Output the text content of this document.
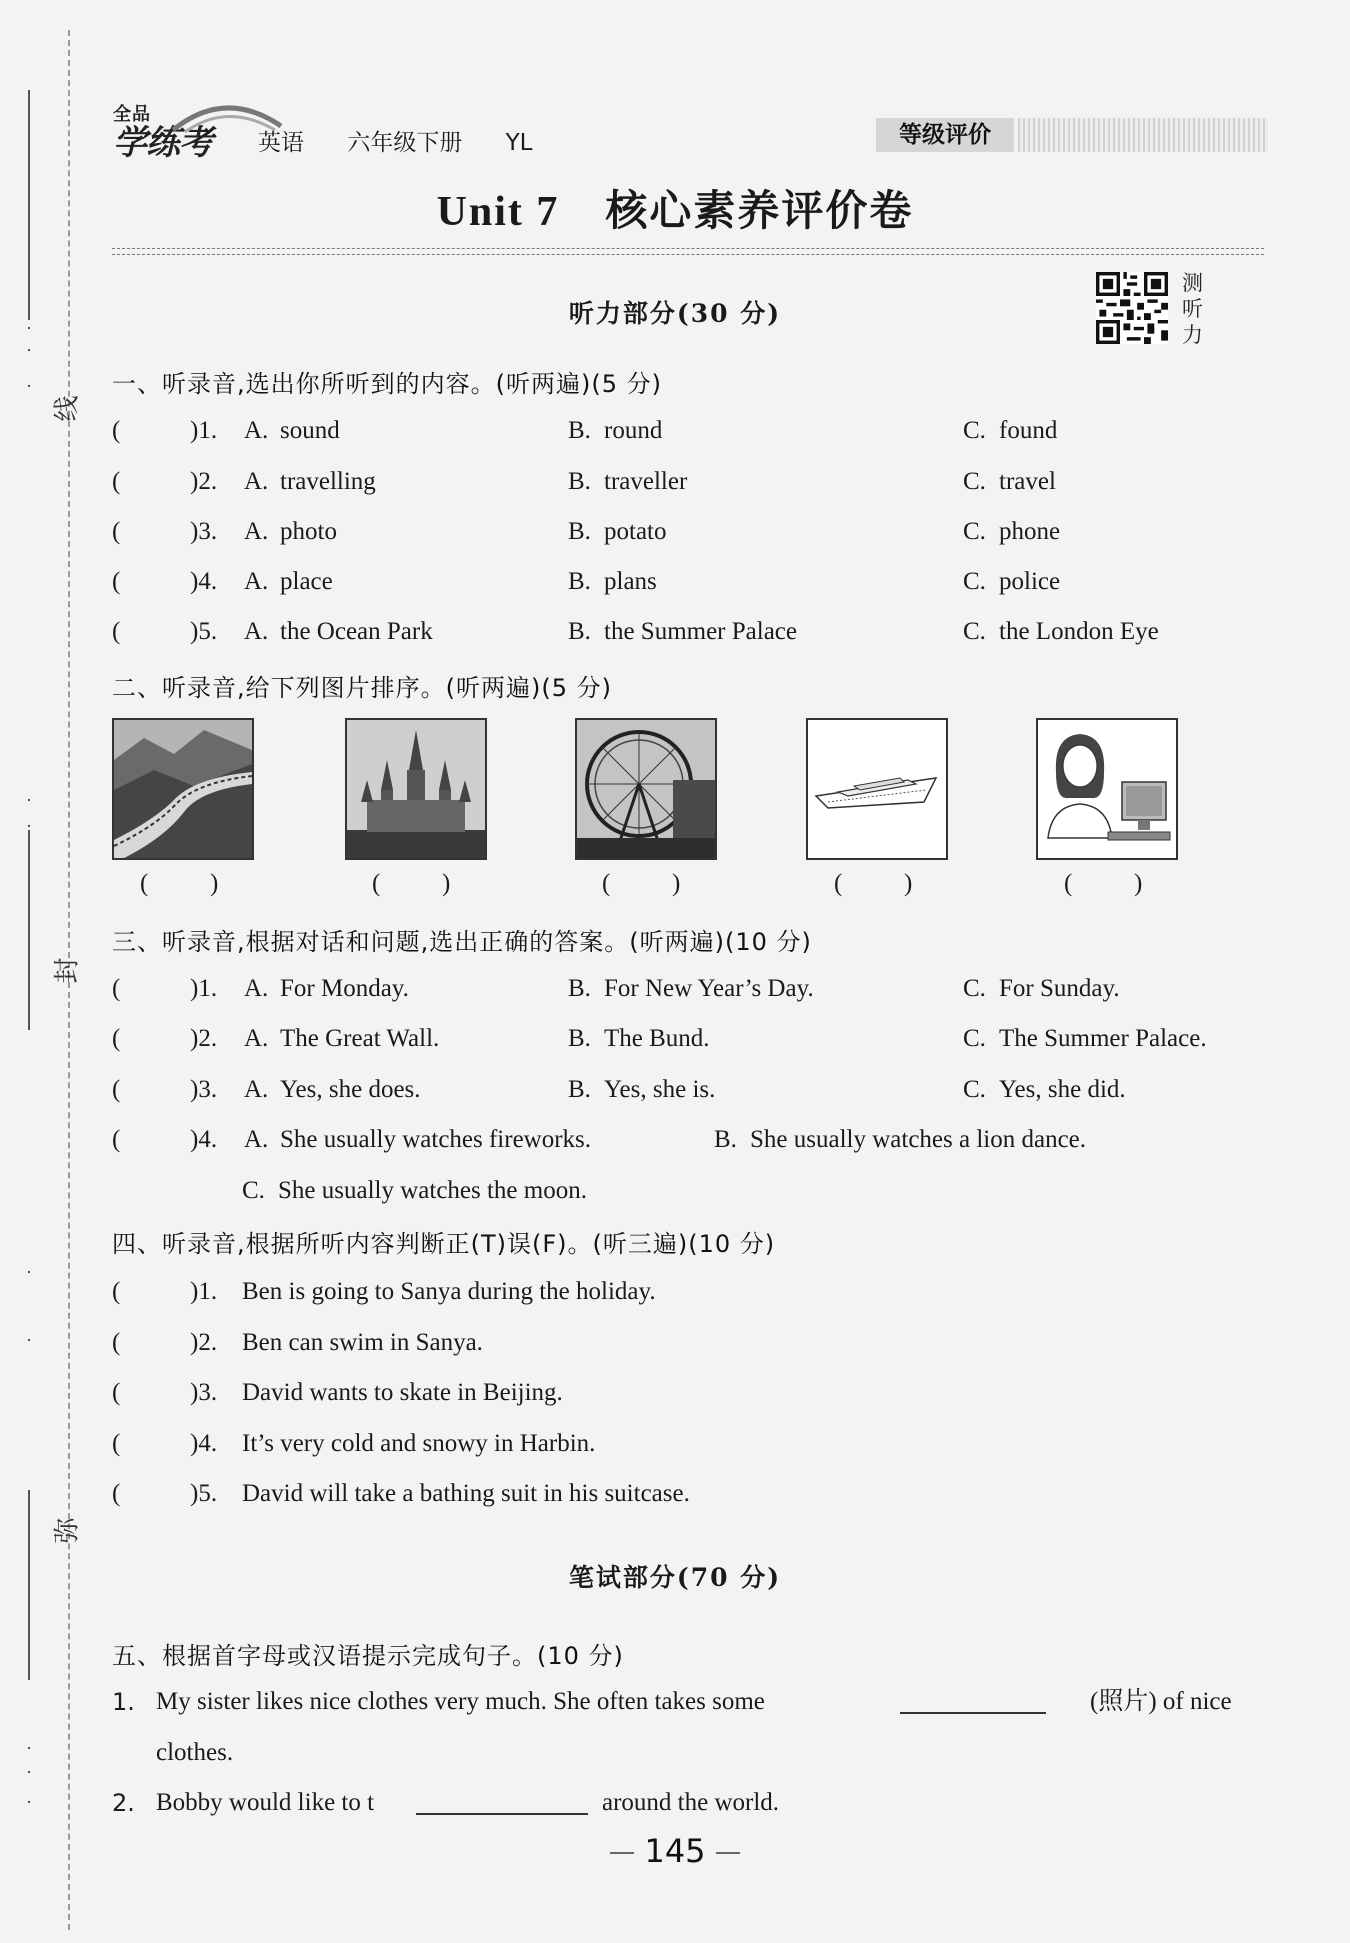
·
·
·
·
·
·
·
·
·
·
线
封
弥
全品
学练考 英语 六年级下册 YL	等级评价
Unit 7 核心素养评价卷
听力部分(30 分)
测
听
力
一、听录音,选出你所听到的内容。(听两遍)(5 分)
(	)1. A. sound	B. round	C. found
(	)2. A. travelling	B. traveller	C. travel
(	)3. A. photo	B. potato	C. phone
(	)4. A. place	B. plans	C. police
(	)5. A. the Ocean Park	B. the Summer Palace	C. the London Eye
二、听录音,给下列图片排序。(听两遍)(5 分)
( )	( )	( )	( )	( )
三、听录音,根据对话和问题,选出正确的答案。(听两遍)(10 分)
(	)1. A. For Monday.	B. For New Year’s Day.	C. For Sunday.
(	)2. A. The Great Wall.	B. The Bund.	C. The Summer Palace.
(	)3. A. Yes, she does.	B. Yes, she is.	C. Yes, she did.
(	)4. A. She usually watches fireworks.	B. She usually watches a lion dance.
C. She usually watches the moon.
四、听录音,根据所听内容判断正(T)误(F)。(听三遍)(10 分)
(	)1. Ben is going to Sanya during the holiday.
(	)2. Ben can swim in Sanya.
(	)3. David wants to skate in Beijing.
(	)4. It’s very cold and snowy in Harbin.
(	)5. David will take a bathing suit in his suitcase.
笔试部分(70 分)
五、根据首字母或汉语提示完成句子。(10 分)
1. My sister likes nice clothes very much. She often takes some	(照片) of nice
clothes.
2. Bobby would like to t	around the world.
145
